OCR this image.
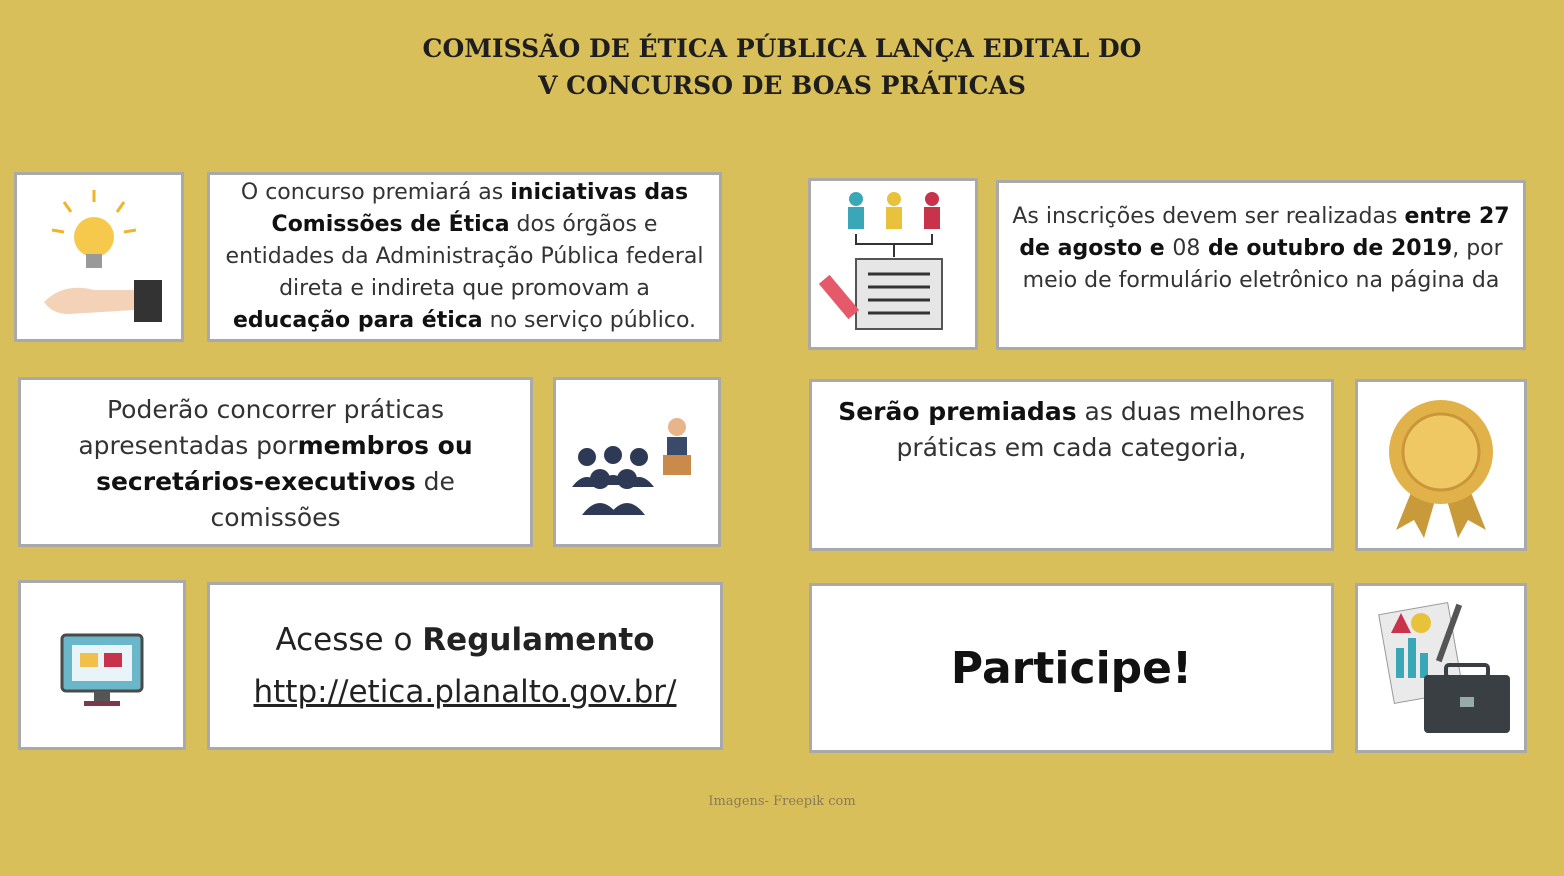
COMISSÃO DE ÉTICA PÚBLICA LANÇA EDITAL DO
V CONCURSO DE BOAS PRÁTICAS
O concurso premiará as iniciativas das Comissões de Ética dos órgãos e entidades da Administração Pública federal direta e indireta que promovam a educação para ética no serviço público.
As inscrições devem ser realizadas entre 27 de agosto e 08 de outubro de 2019, por meio de formulário eletrônico na página da
Poderão concorrer práticas apresentadas pormembros ou secretários-executivos de comissões
Serão premiadas as duas melhores práticas em cada categoria,
Acesse o Regulamento
http://etica.planalto.gov.br/	Participe!
Imagens- Freepik com
